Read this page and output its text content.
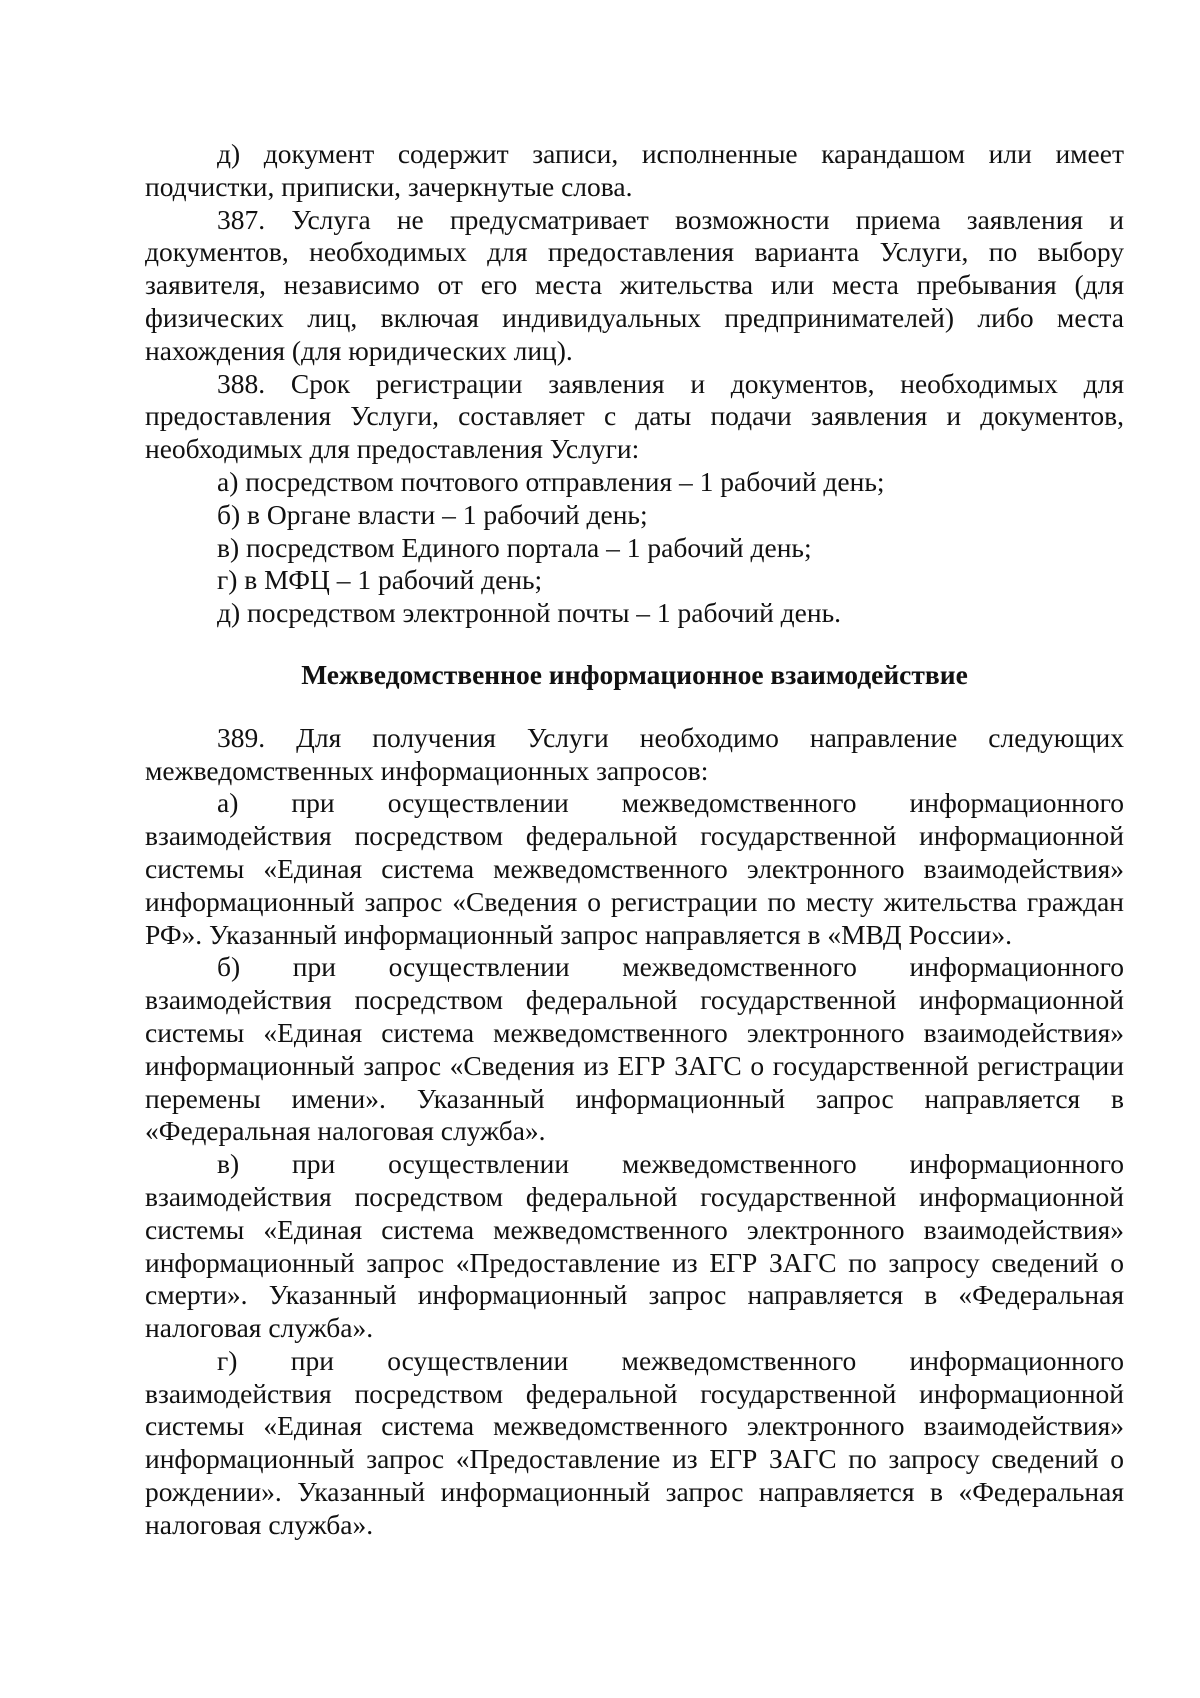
д) документ содержит записи, исполненные карандашом или имеет подчистки, приписки, зачеркнутые слова.

387. Услуга не предусматривает возможности приема заявления и документов, необходимых для предоставления варианта Услуги, по выбору заявителя, независимо от его места жительства или места пребывания (для физических лиц, включая индивидуальных предпринимателей) либо места нахождения (для юридических лиц).

388. Срок регистрации заявления и документов, необходимых для предоставления Услуги, составляет с даты подачи заявления и документов, необходимых для предоставления Услуги:

а) посредством почтового отправления – 1 рабочий день;

б) в Органе власти – 1 рабочий день;

в) посредством Единого портала – 1 рабочий день;

г) в МФЦ – 1 рабочий день;

д) посредством электронной почты – 1 рабочий день.

Межведомственное информационное взаимодействие

389. Для получения Услуги необходимо направление следующих межведомственных информационных запросов:

а) при осуществлении межведомственного информационного взаимодействия посредством федеральной государственной информационной системы «Единая система межведомственного электронного взаимодействия» информационный запрос «Сведения о регистрации по месту жительства граждан РФ». Указанный информационный запрос направляется в «МВД России».

б) при осуществлении межведомственного информационного взаимодействия посредством федеральной государственной информационной системы «Единая система межведомственного электронного взаимодействия» информационный запрос «Сведения из ЕГР ЗАГС о государственной регистрации перемены имени». Указанный информационный запрос направляется в «Федеральная налоговая служба».

в) при осуществлении межведомственного информационного взаимодействия посредством федеральной государственной информационной системы «Единая система межведомственного электронного взаимодействия» информационный запрос «Предоставление из ЕГР ЗАГС по запросу сведений о смерти». Указанный информационный запрос направляется в «Федеральная налоговая служба».

г) при осуществлении межведомственного информационного взаимодействия посредством федеральной государственной информационной системы «Единая система межведомственного электронного взаимодействия» информационный запрос «Предоставление из ЕГР ЗАГС по запросу сведений о рождении». Указанный информационный запрос направляется в «Федеральная налоговая служба».
